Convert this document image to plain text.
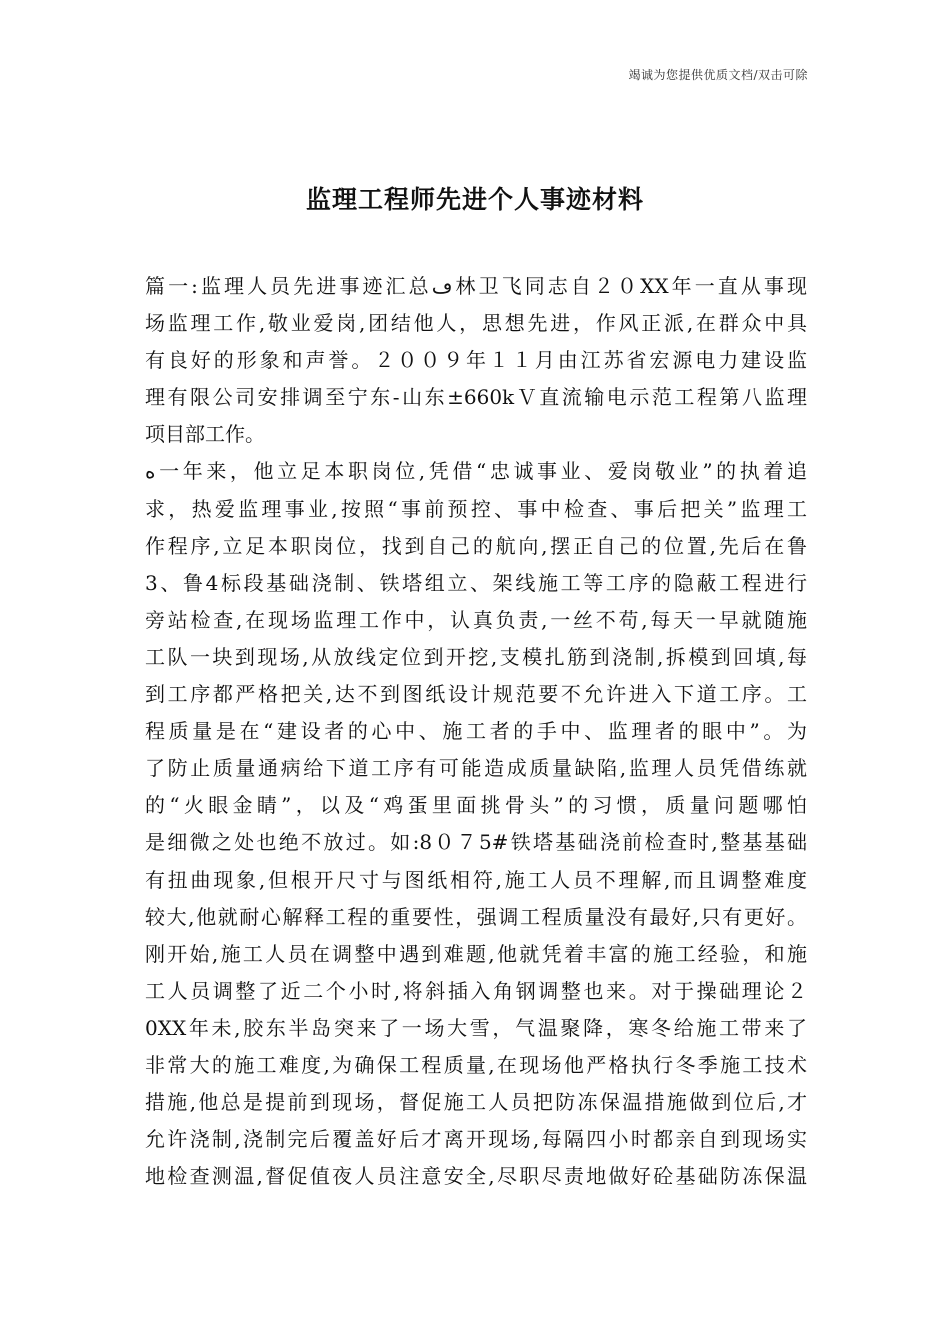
竭诚为您提供优质文档/双击可除
监理工程师先进个人事迹材料
篇一:监理人员先进事迹汇总ڡ林卫飞同志自２０XX年一直从事现
场监理工作,敬业爱岗,团结他人，思想先进，作风正派,在群众中具
有良好的形象和声誉。２００９年１１月由江苏省宏源电力建设监
理有限公司安排调至宁东-山东±660kＶ直流输电示范工程第八监理
项目部工作。
ﻩ一年来，他立足本职岗位,凭借“忠诚事业、爱岗敬业”的执着追
求，热爱监理事业,按照“事前预控、事中检查、事后把关”监理工
作程序,立足本职岗位，找到自己的航向,摆正自己的位置,先后在鲁
3、鲁4标段基础浇制、铁塔组立、架线施工等工序的隐蔽工程进行
旁站检查,在现场监理工作中，认真负责,一丝不苟,每天一早就随施
工队一块到现场,从放线定位到开挖,支模扎筋到浇制,拆模到回填,每
到工序都严格把关,达不到图纸设计规范要不允许进入下道工序。工
程质量是在“建设者的心中、施工者的手中、监理者的眼中”。为
了防止质量通病给下道工序有可能造成质量缺陷,监理人员凭借练就
的“火眼金睛”，以及“鸡蛋里面挑骨头”的习惯，质量问题哪怕
是细微之处也绝不放过。如:8０７5#铁塔基础浇前检查时,整基基础
有扭曲现象,但根开尺寸与图纸相符,施工人员不理解,而且调整难度
较大,他就耐心解释工程的重要性，强调工程质量没有最好,只有更好。
刚开始,施工人员在调整中遇到难题,他就凭着丰富的施工经验，和施
工人员调整了近二个小时,将斜插入角钢调整也来。对于操础理论２
0XX年未,胶东半岛突来了一场大雪，气温聚降，寒冬给施工带来了
非常大的施工难度,为确保工程质量,在现场他严格执行冬季施工技术
措施,他总是提前到现场，督促施工人员把防冻保温措施做到位后,才
允许浇制,浇制完后覆盖好后才离开现场,每隔四小时都亲自到现场实
地检查测温,督促值夜人员注意安全,尽职尽责地做好砼基础防冻保温
